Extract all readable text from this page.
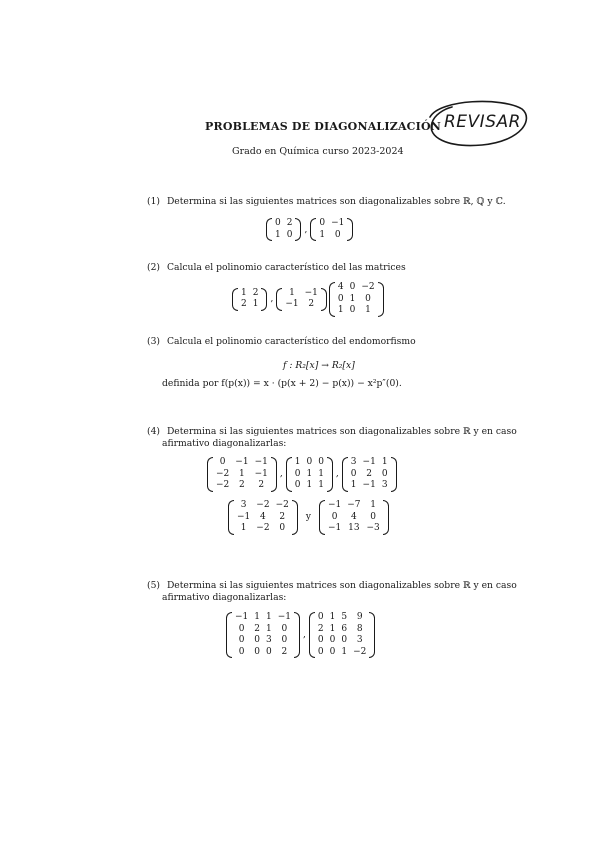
PROBLEMAS DE DIAGONALIZACIÓN
Grado en Química curso 2023-2024
REVISAR
(1) Determina si las siguientes matrices son diagonalizables sobre ℝ, ℚ y ℂ.
0	2
1	0 ,
0	−1
1	0
(2) Calcula el polinomio característico del las matrices
1	2
2	1 ,
1	−1
−1	2
4	0	−2
0	1	0
1	0	1
(3) Calcula el polinomio característico del endomorfismo
f : R₂[x] → R₂[x]
definida por f(p(x)) = x · (p(x + 2) − p(x)) − x²p″(0).
(4) Determina si las siguientes matrices son diagonalizables sobre ℝ y en caso
afirmativo diagonalizarlas:
0	−1	−1
−2	1	−1
−2	2	2
,
1	0	0
0	1	1
0	1	1
,
3	−1	1
0	2	0
1	−1	3
3	−2	−2
−1	4	2
1	−2	0
y
−1	−7	1
0	4	0
−1	13	−3
(5) Determina si las siguientes matrices son diagonalizables sobre ℝ y en caso
afirmativo diagonalizarlas:
−1	1	1	−1
0	2	1	0
0	0	3	0
0	0	0	2
,
0	1	5	9
2	1	6	8
0	0	0	3
0	0	1	−2
